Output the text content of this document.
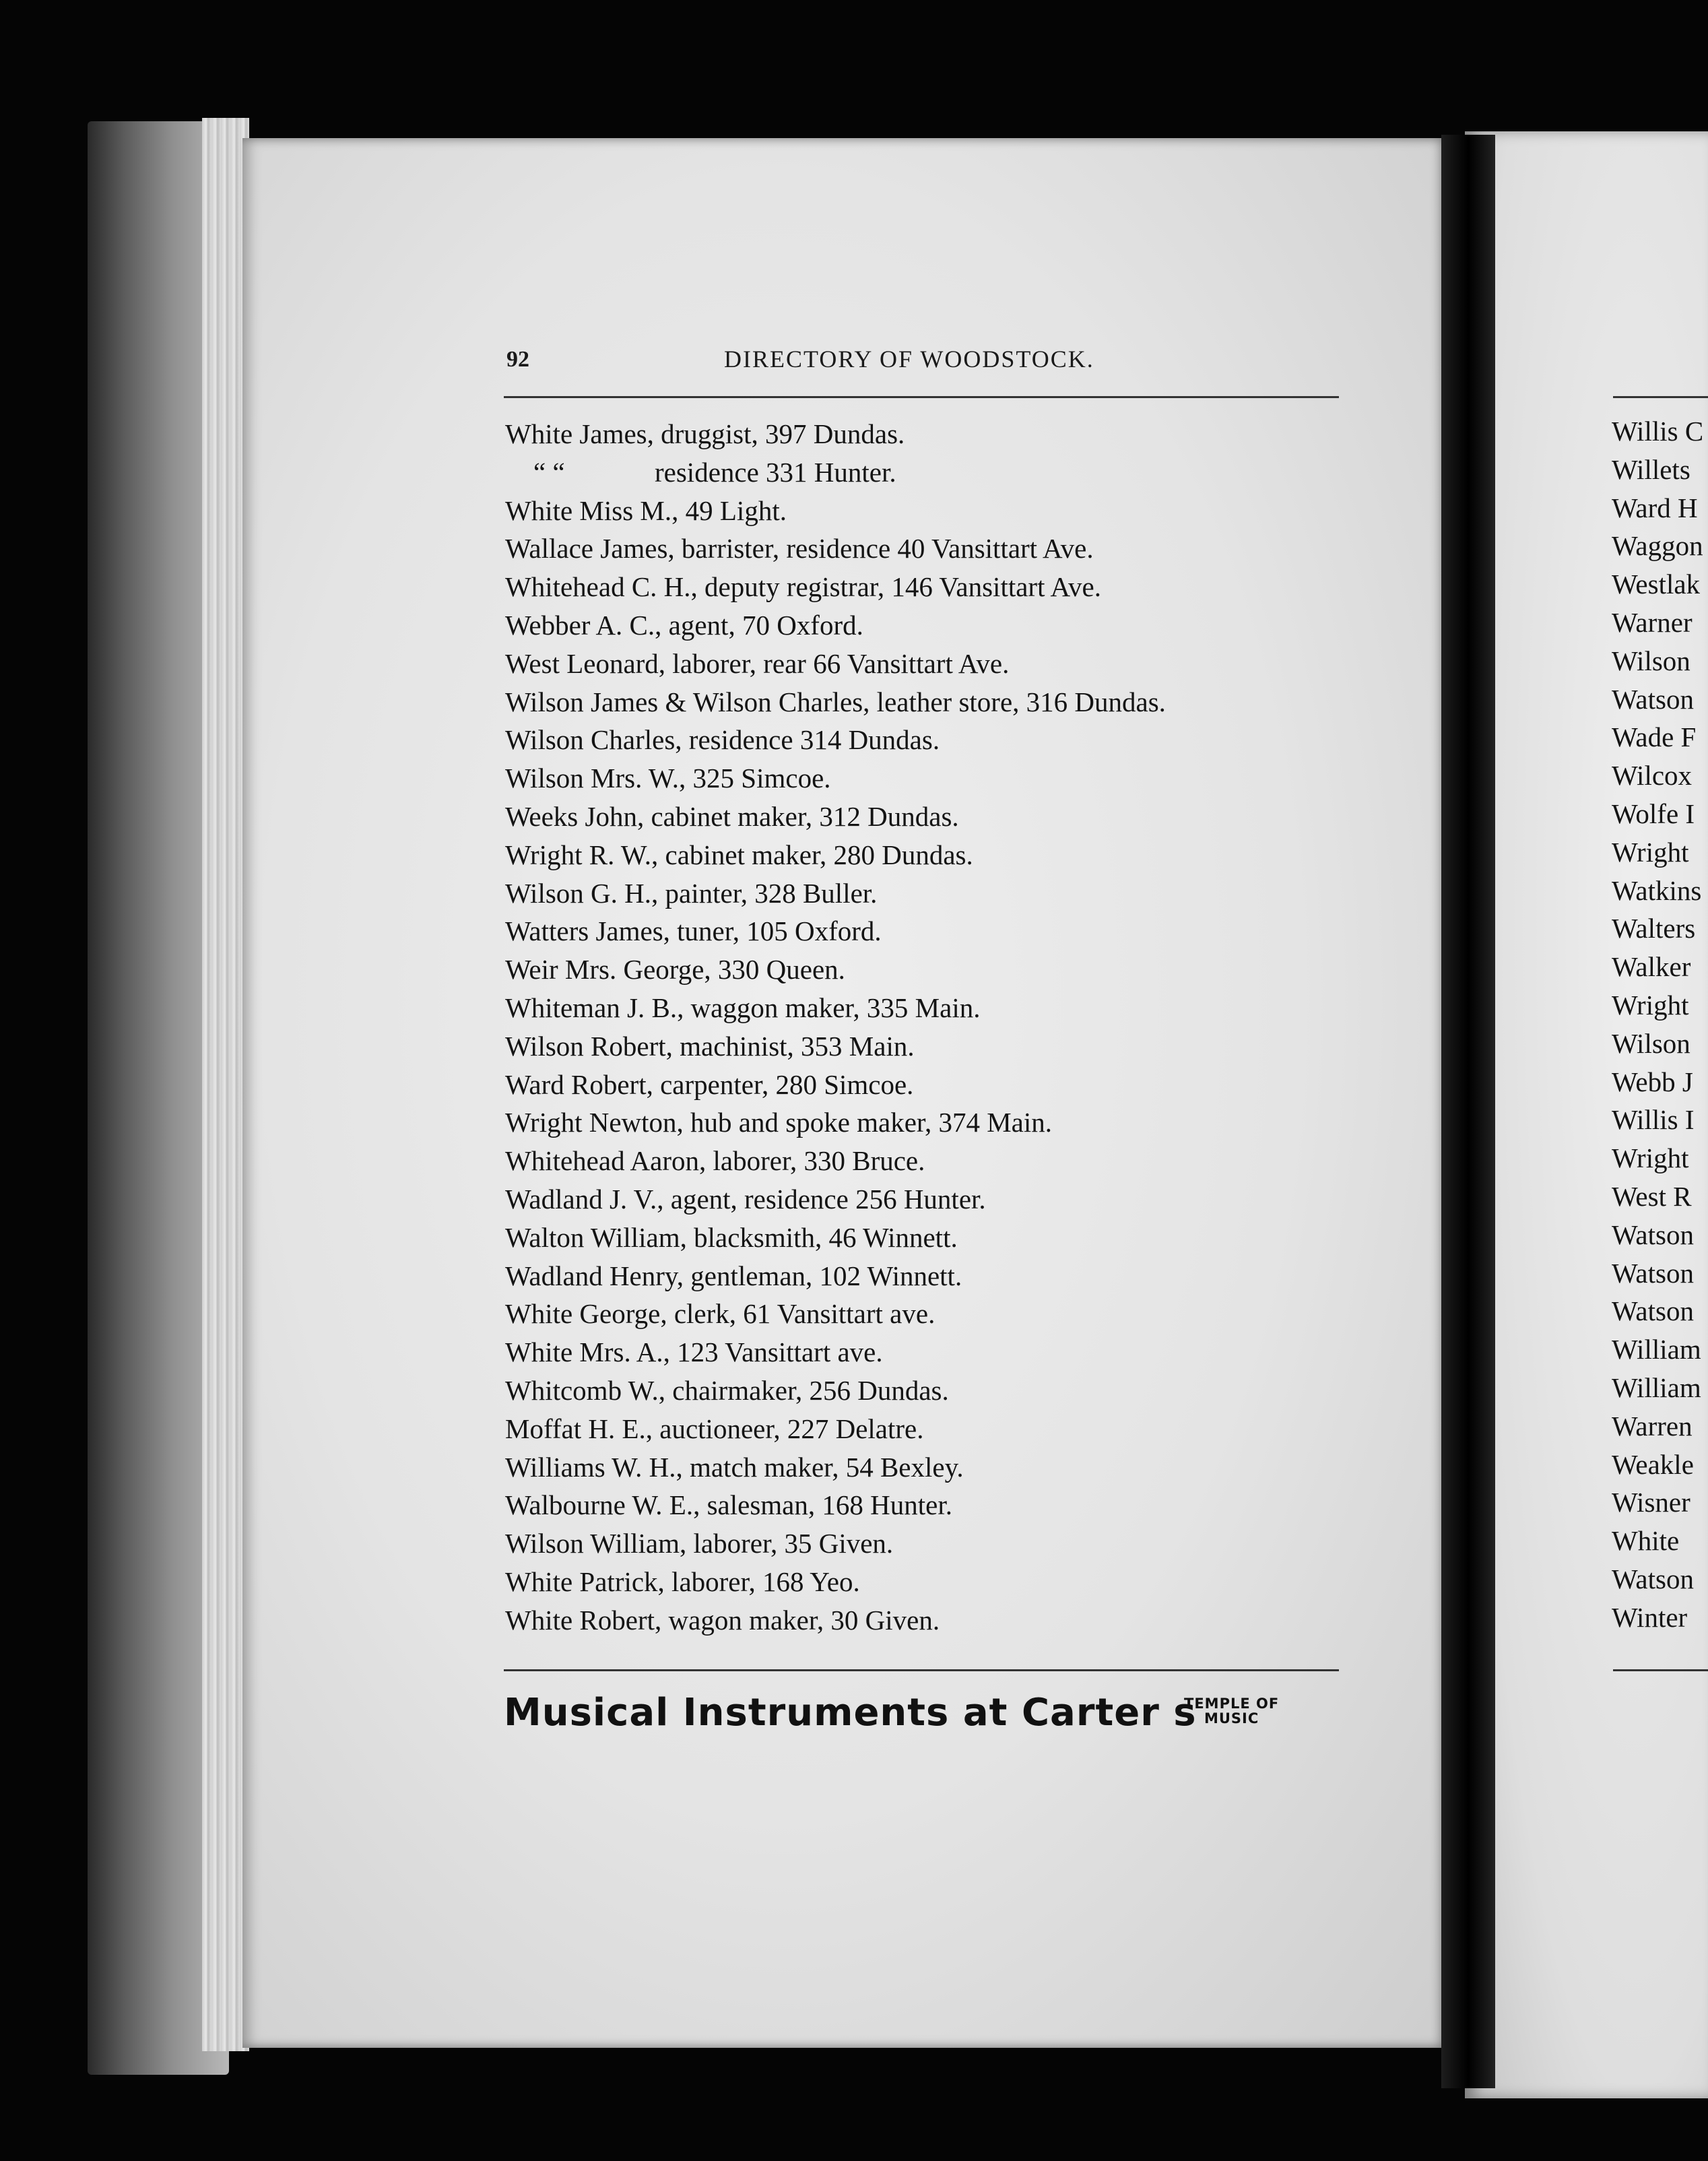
92	DIRECTORY OF WOODSTOCK.
White James, druggist, 397 Dundas.
“ “	residence 331 Hunter.
White Miss M., 49 Light.
Wallace James, barrister, residence 40 Vansittart Ave.
Whitehead C. H., deputy registrar, 146 Vansittart Ave.
Webber A. C., agent, 70 Oxford.
West Leonard, laborer, rear 66 Vansittart Ave.
Wilson James & Wilson Charles, leather store, 316 Dundas.
Wilson Charles, residence 314 Dundas.
Wilson Mrs. W., 325 Simcoe.
Weeks John, cabinet maker, 312 Dundas.
Wright R. W., cabinet maker, 280 Dundas.
Wilson G. H., painter, 328 Buller.
Watters James, tuner, 105 Oxford.
Weir Mrs. George, 330 Queen.
Whiteman J. B., waggon maker, 335 Main.
Wilson Robert, machinist, 353 Main.
Ward Robert, carpenter, 280 Simcoe.
Wright Newton, hub and spoke maker, 374 Main.
Whitehead Aaron, laborer, 330 Bruce.
Wadland J. V., agent, residence 256 Hunter.
Walton William, blacksmith, 46 Winnett.
Wadland Henry, gentleman, 102 Winnett.
White George, clerk, 61 Vansittart ave.
White Mrs. A., 123 Vansittart ave.
Whitcomb W., chairmaker, 256 Dundas.
Moffat H. E., auctioneer, 227 Delatre.
Williams W. H., match maker, 54 Bexley.
Walbourne W. E., salesman, 168 Hunter.
Wilson William, laborer, 35 Given.
White Patrick, laborer, 168 Yeo.
White Robert, wagon maker, 30 Given.
Musical Instruments at Carter s
TEMPLE OF
MUSIC
Willis C
Willets
Ward H
Waggon
Westlak
Warner
Wilson
Watson
Wade F
Wilcox
Wolfe I
Wright
Watkins
Walters
Walker
Wright
Wilson
Webb J
Willis I
Wright
West R
Watson
Watson
Watson
William
William
Warren
Weakle
Wisner
White
Watson
Winter
